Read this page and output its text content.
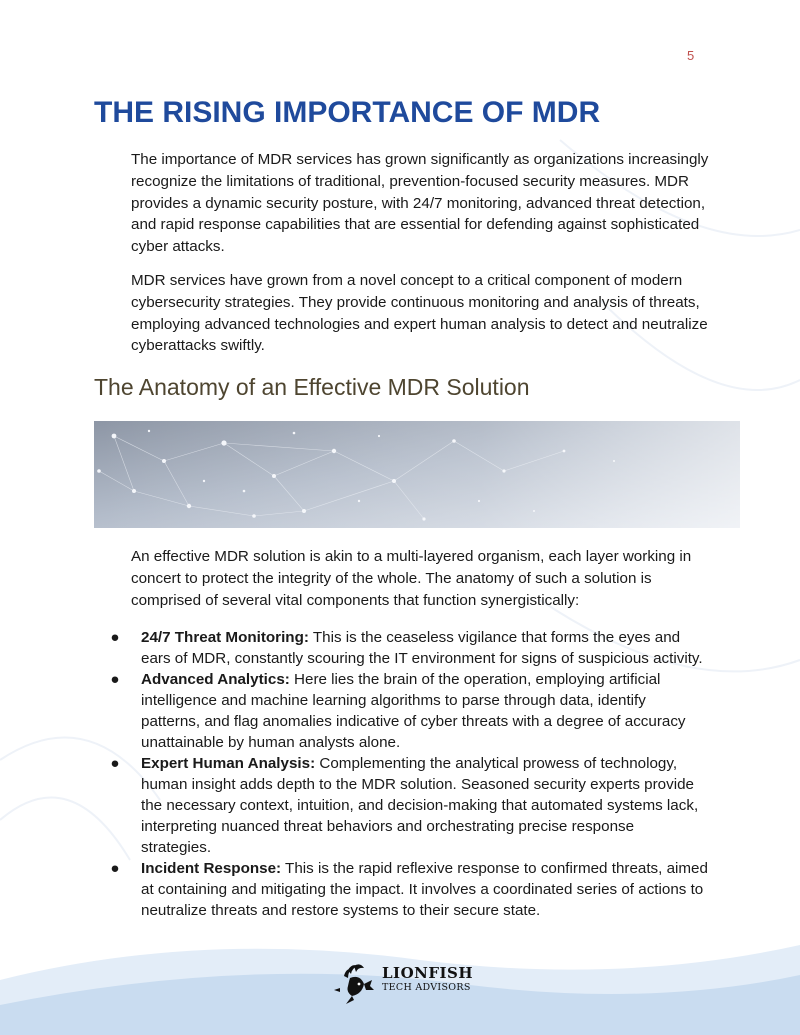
5
THE RISING IMPORTANCE OF MDR

The importance of MDR services has grown significantly as organizations increasingly recognize the limitations of traditional, prevention-focused security measures. MDR provides a dynamic security posture, with 24/7 monitoring, advanced threat detection, and rapid response capabilities that are essential for defending against sophisticated cyber attacks.

MDR services have grown from a novel concept to a critical component of modern cybersecurity strategies. They provide continuous monitoring and analysis of threats, employing advanced technologies and expert human analysis to detect and neutralize cyberattacks swiftly.

The Anatomy of an Effective MDR Solution

An effective MDR solution is akin to a multi-layered organism, each layer working in concert to protect the integrity of the whole. The anatomy of such a solution is comprised of several vital components that function synergistically:

● 24/7 Threat Monitoring: This is the ceaseless vigilance that forms the eyes and ears of MDR, constantly scouring the IT environment for signs of suspicious activity.
● Advanced Analytics: Here lies the brain of the operation, employing artificial intelligence and machine learning algorithms to parse through data, identify patterns, and flag anomalies indicative of cyber threats with a degree of accuracy unattainable by human analysts alone.
● Expert Human Analysis: Complementing the analytical prowess of technology, human insight adds depth to the MDR solution. Seasoned security experts provide the necessary context, intuition, and decision-making that automated systems lack, interpreting nuanced threat behaviors and orchestrating precise response strategies.
● Incident Response: This is the rapid reflexive response to confirmed threats, aimed at containing and mitigating the impact. It involves a coordinated series of actions to neutralize threats and restore systems to their secure state.
LIONFISH
TECH ADVISORS
